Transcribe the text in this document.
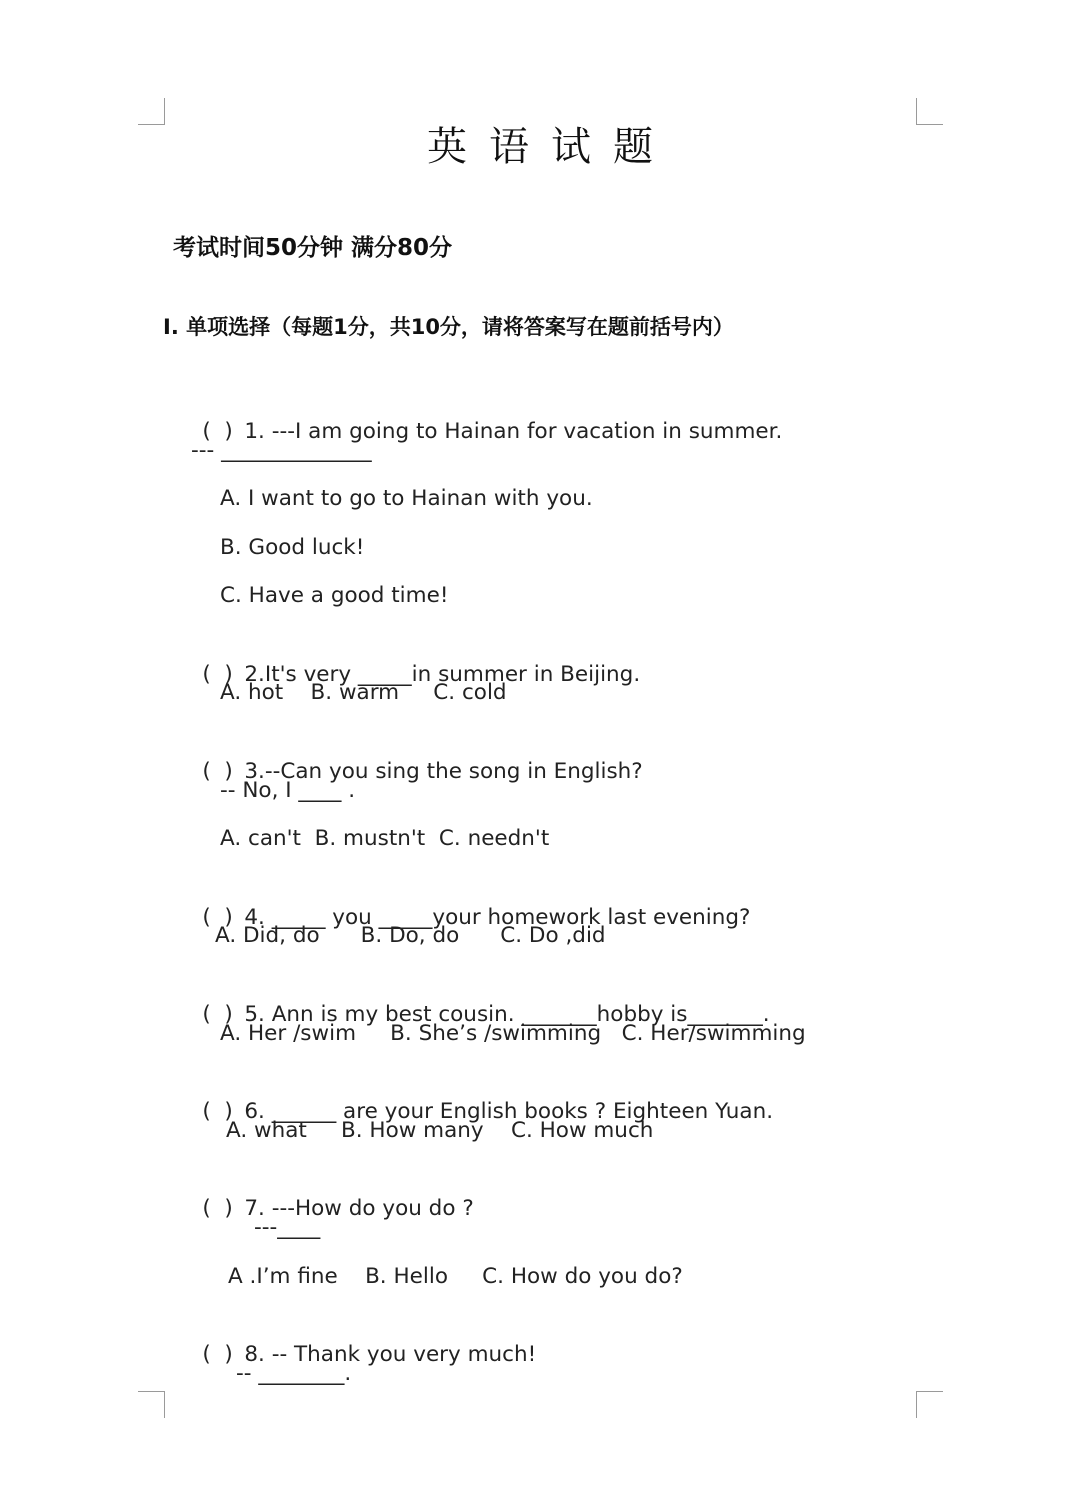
英语试题
考试时间50分钟 满分80分
I. 单项选择（每题1分，共10分，请将答案写在题前括号内）

(  ) 1. ---I am going to Hainan for vacation in summer.

--- ______________
A. I want to go to Hainan with you.
B. Good luck!
C. Have a good time!

(  ) 2.It's very _____in summer in Beijing.

A. hot    B. warm     C. cold

(  ) 3.--Can you sing the song in English?

-- No, I ____ .
A. can't  B. mustn't  C. needn't

(  ) 4. _____ you _____your homework last evening?

A. Did, do      B. Do, do      C. Do ,did

(  ) 5. Ann is my best cousin. _______hobby is_______.

A. Her /swim     B. She’s /swimming   C. Her/swimming

(  ) 6. ______ are your English books ? Eighteen Yuan.

A. what     B. How many    C. How much

(  ) 7. ---How do you do ?

---____
A .I’m fine    B. Hello     C. How do you do?

(  ) 8. -- Thank you very much!

-- ________.
